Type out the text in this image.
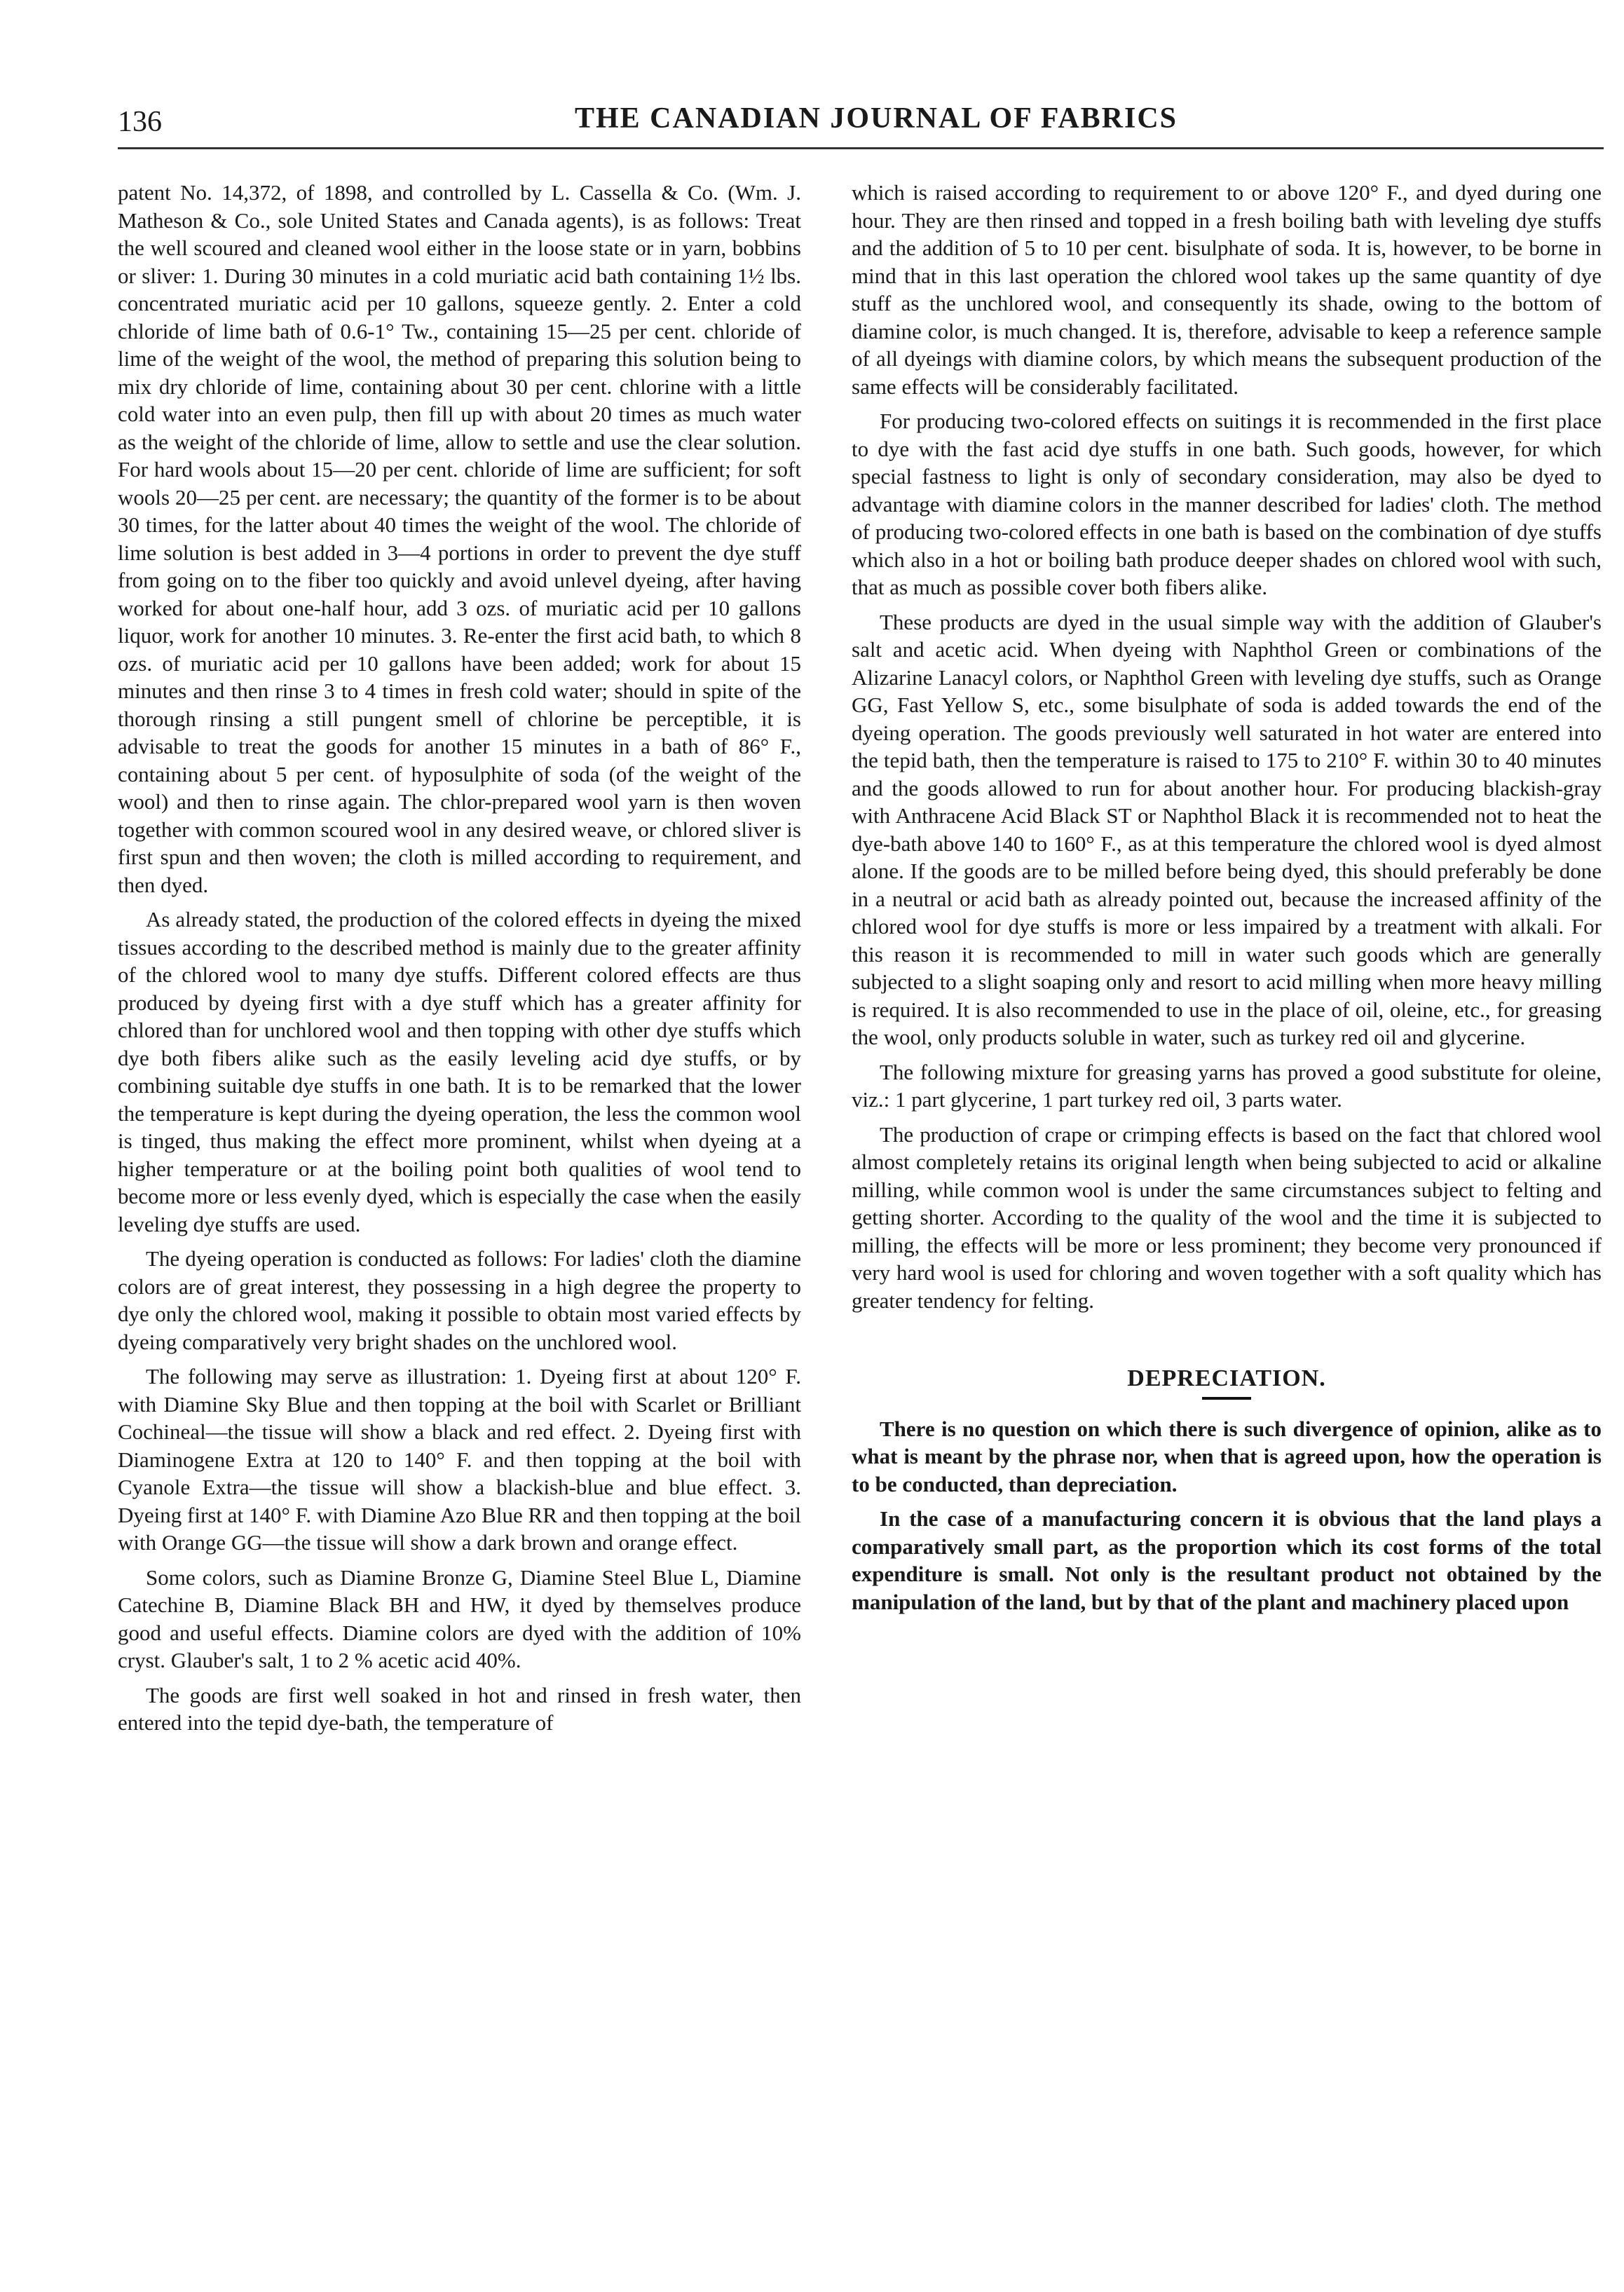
136	THE CANADIAN JOURNAL OF FABRICS

patent No. 14,372, of 1898, and controlled by L. Cassella & Co. (Wm. J. Matheson & Co., sole United States and Canada agents), is as follows: Treat the well scoured and cleaned wool either in the loose state or in yarn, bobbins or sliver: 1. During 30 minutes in a cold muriatic acid bath containing 1½ lbs. concentrated muriatic acid per 10 gallons, squeeze gently. 2. Enter a cold chloride of lime bath of 0.6-1° Tw., containing 15—25 per cent. chloride of lime of the weight of the wool, the method of preparing this solution being to mix dry chloride of lime, containing about 30 per cent. chlorine with a little cold water into an even pulp, then fill up with about 20 times as much water as the weight of the chloride of lime, allow to settle and use the clear solution. For hard wools about 15—20 per cent. chloride of lime are sufficient; for soft wools 20—25 per cent. are necessary; the quantity of the former is to be about 30 times, for the latter about 40 times the weight of the wool. The chloride of lime solution is best added in 3—4 portions in order to prevent the dye stuff from going on to the fiber too quickly and avoid unlevel dyeing, after having worked for about one-half hour, add 3 ozs. of muriatic acid per 10 gallons liquor, work for another 10 minutes. 3. Re-enter the first acid bath, to which 8 ozs. of muriatic acid per 10 gallons have been added; work for about 15 minutes and then rinse 3 to 4 times in fresh cold water; should in spite of the thorough rinsing a still pungent smell of chlorine be perceptible, it is advisable to treat the goods for another 15 minutes in a bath of 86° F., containing about 5 per cent. of hyposulphite of soda (of the weight of the wool) and then to rinse again. The chlor-prepared wool yarn is then woven together with common scoured wool in any desired weave, or chlored sliver is first spun and then woven; the cloth is milled according to requirement, and then dyed.

As already stated, the production of the colored effects in dyeing the mixed tissues according to the described method is mainly due to the greater affinity of the chlored wool to many dye stuffs. Different colored effects are thus produced by dyeing first with a dye stuff which has a greater affinity for chlored than for unchlored wool and then topping with other dye stuffs which dye both fibers alike such as the easily leveling acid dye stuffs, or by combining suitable dye stuffs in one bath. It is to be remarked that the lower the temperature is kept during the dyeing operation, the less the common wool is tinged, thus making the effect more prominent, whilst when dyeing at a higher temperature or at the boiling point both qualities of wool tend to become more or less evenly dyed, which is especially the case when the easily leveling dye stuffs are used.

The dyeing operation is conducted as follows: For ladies' cloth the diamine colors are of great interest, they possessing in a high degree the property to dye only the chlored wool, making it possible to obtain most varied effects by dyeing comparatively very bright shades on the unchlored wool.

The following may serve as illustration: 1. Dyeing first at about 120° F. with Diamine Sky Blue and then topping at the boil with Scarlet or Brilliant Cochineal—the tissue will show a black and red effect. 2. Dyeing first with Diaminogene Extra at 120 to 140° F. and then topping at the boil with Cyanole Extra—the tissue will show a blackish-blue and blue effect. 3. Dyeing first at 140° F. with Diamine Azo Blue RR and then topping at the boil with Orange GG—the tissue will show a dark brown and orange effect.

Some colors, such as Diamine Bronze G, Diamine Steel Blue L, Diamine Catechine B, Diamine Black BH and HW, it dyed by themselves produce good and useful effects. Diamine colors are dyed with the addition of 10% cryst. Glauber's salt, 1 to 2 % acetic acid 40%.

The goods are first well soaked in hot and rinsed in fresh water, then entered into the tepid dye-bath, the temperature of

which is raised according to requirement to or above 120° F., and dyed during one hour. They are then rinsed and topped in a fresh boiling bath with leveling dye stuffs and the addition of 5 to 10 per cent. bisulphate of soda. It is, however, to be borne in mind that in this last operation the chlored wool takes up the same quantity of dye stuff as the unchlored wool, and consequently its shade, owing to the bottom of diamine color, is much changed. It is, therefore, advisable to keep a reference sample of all dyeings with diamine colors, by which means the subsequent production of the same effects will be considerably facilitated.

For producing two-colored effects on suitings it is recommended in the first place to dye with the fast acid dye stuffs in one bath. Such goods, however, for which special fastness to light is only of secondary consideration, may also be dyed to advantage with diamine colors in the manner described for ladies' cloth. The method of producing two-colored effects in one bath is based on the combination of dye stuffs which also in a hot or boiling bath produce deeper shades on chlored wool with such, that as much as possible cover both fibers alike.

These products are dyed in the usual simple way with the addition of Glauber's salt and acetic acid. When dyeing with Naphthol Green or combinations of the Alizarine Lanacyl colors, or Naphthol Green with leveling dye stuffs, such as Orange GG, Fast Yellow S, etc., some bisulphate of soda is added towards the end of the dyeing operation. The goods previously well saturated in hot water are entered into the tepid bath, then the temperature is raised to 175 to 210° F. within 30 to 40 minutes and the goods allowed to run for about another hour. For producing blackish-gray with Anthracene Acid Black ST or Naphthol Black it is recommended not to heat the dye-bath above 140 to 160° F., as at this temperature the chlored wool is dyed almost alone. If the goods are to be milled before being dyed, this should preferably be done in a neutral or acid bath as already pointed out, because the increased affinity of the chlored wool for dye stuffs is more or less impaired by a treatment with alkali. For this reason it is recommended to mill in water such goods which are generally subjected to a slight soaping only and resort to acid milling when more heavy milling is required. It is also recommended to use in the place of oil, oleine, etc., for greasing the wool, only products soluble in water, such as turkey red oil and glycerine.

The following mixture for greasing yarns has proved a good substitute for oleine, viz.: 1 part glycerine, 1 part turkey red oil, 3 parts water.

The production of crape or crimping effects is based on the fact that chlored wool almost completely retains its original length when being subjected to acid or alkaline milling, while common wool is under the same circumstances subject to felting and getting shorter. According to the quality of the wool and the time it is subjected to milling, the effects will be more or less prominent; they become very pronounced if very hard wool is used for chloring and woven together with a soft quality which has greater tendency for felting.

DEPRECIATION.

There is no question on which there is such divergence of opinion, alike as to what is meant by the phrase nor, when that is agreed upon, how the operation is to be conducted, than depreciation.

In the case of a manufacturing concern it is obvious that the land plays a comparatively small part, as the proportion which its cost forms of the total expenditure is small. Not only is the resultant product not obtained by the manipulation of the land, but by that of the plant and machinery placed upon
